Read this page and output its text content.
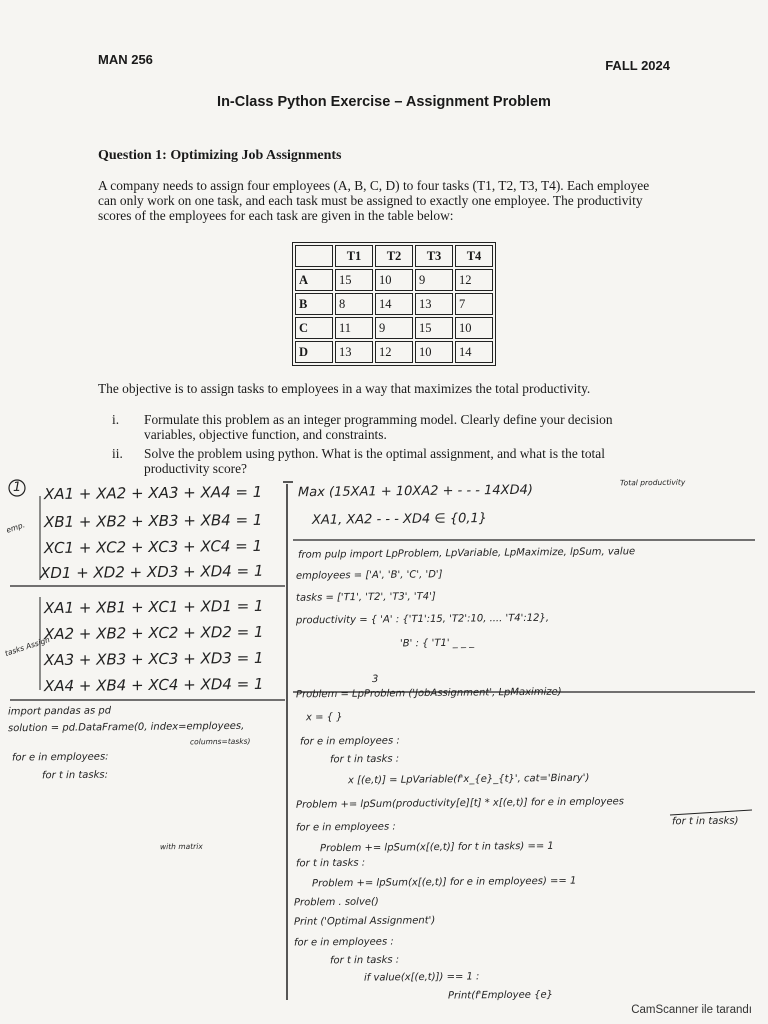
MAN 256	FALL 2024
In-Class Python Exercise – Assignment Problem
Question 1: Optimizing Job Assignments

A company needs to assign four employees (A, B, C, D) to four tasks (T1, T2, T3, T4). Each employee can only work on one task, and each task must be assigned to exactly one employee. The productivity scores of the employees for each task are given in the table below:

	T1	T2	T3	T4
A	15	10	9	12
B	8	14	13	7
C	11	9	15	10
D	13	12	10	14
The objective is to assign tasks to employees in a way that maximizes the total productivity.
i. Formulate this problem as an integer programming model. Clearly define your decision variables, objective function, and constraints.
ii. Solve the problem using python. What is the optimal assignment, and what is the total productivity score?
1 XA1 + XA2 + XA3 + XA4 = 1
XB1 + XB2 + XB3 + XB4 = 1
XC1 + XC2 + XC3 + XC4 = 1
XD1 + XD2 + XD3 + XD4 = 1
emp.
XA1 + XB1 + XC1 + XD1 = 1
XA2 + XB2 + XC2 + XD2 = 1
XA3 + XB3 + XC3 + XD3 = 1
XA4 + XB4 + XC4 + XD4 = 1
tasks Assign
import pandas as pd
solution = pd.DataFrame(0, index=employees,
columns=tasks)
for e in employees:
for t in tasks:
with matrix
Max (15XA1 + 10XA2 + - - - 14XD4)
Total productivity
XA1, XA2 - - - XD4 ∈ {0,1}
from pulp import LpProblem, LpVariable, LpMaximize, lpSum, value
employees = ['A', 'B', 'C', 'D']
tasks = ['T1', 'T2', 'T3', 'T4']
productivity = { 'A' : {'T1':15, 'T2':10, .... 'T4':12},
'B' : { 'T1' _ _ _
3
Problem = LpProblem ('JobAssignment', LpMaximize)
x = { }
for e in employees :
for t in tasks :
x [(e,t)] = LpVariable(f'x_{e}_{t}', cat='Binary')
Problem += lpSum(productivity[e][t] * x[(e,t)] for e in employees
for t in tasks)
for e in employees :
Problem += lpSum(x[(e,t)] for t in tasks) == 1
for t in tasks :
Problem += lpSum(x[(e,t)] for e in employees) == 1
Problem . solve()
Print ('Optimal Assignment')
for e in employees :
for t in tasks :
if value(x[(e,t)]) == 1 :
Print(f'Employee {e}
CamScanner ile tarandı
